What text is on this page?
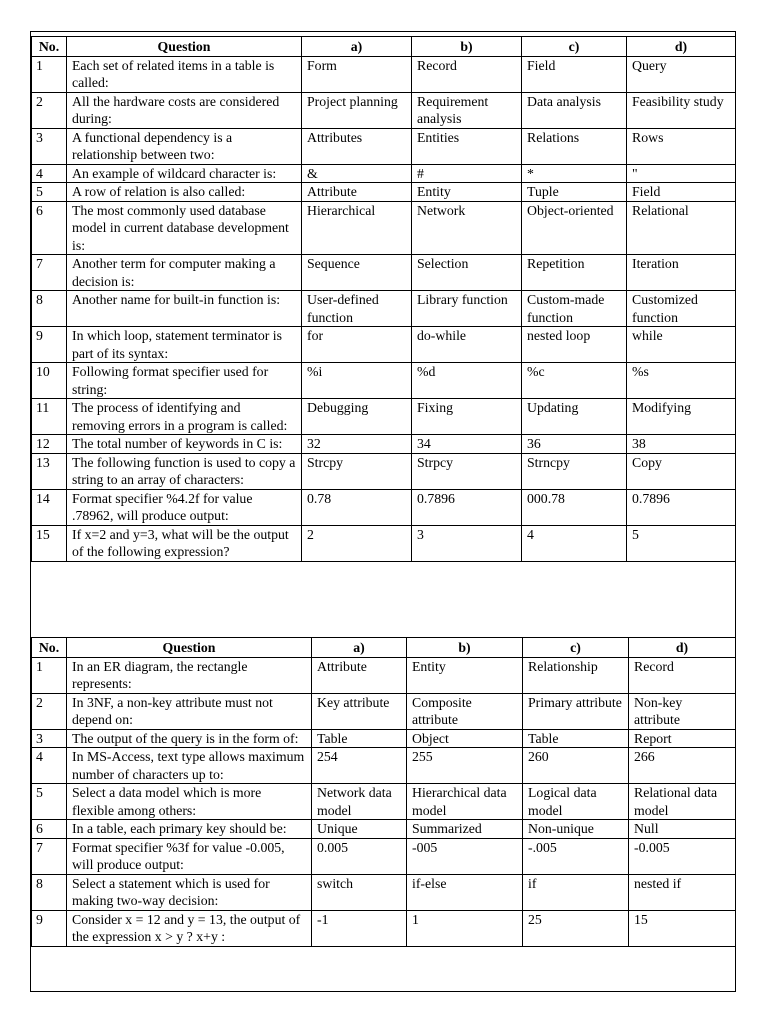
No.	Question	a)	b)	c)	d)
1	Each set of related items in a table is called:	Form	Record	Field	Query
2	All the hardware costs are considered during:	Project planning	Requirement analysis	Data analysis	Feasibility study
3	A functional dependency is a relationship between two:	Attributes	Entities	Relations	Rows
4	An example of wildcard character is:	&	#	*	"
5	A row of relation is also called:	Attribute	Entity	Tuple	Field
6	The most commonly used database model in current database development is:	Hierarchical	Network	Object-oriented	Relational
7	Another term for computer making a decision is:	Sequence	Selection	Repetition	Iteration
8	Another name for built-in function is:	User-defined function	Library function	Custom-made function	Customized function
9	In which loop, statement terminator is part of its syntax:	for	do-while	nested loop	while
10	Following format specifier used for string:	%i	%d	%c	%s
11	The process of identifying and removing errors in a program is called:	Debugging	Fixing	Updating	Modifying
12	The total number of keywords in C is:	32	34	36	38
13	The following function is used to copy a string to an array of characters:	Strcpy	Strpcy	Strncpy	Copy
14	Format specifier %4.2f for value .78962, will produce output:	0.78	0.7896	000.78	0.7896
15	If x=2 and y=3, what will be the output of the following expression?	2	3	4	5
No.	Question	a)	b)	c)	d)
1	In an ER diagram, the rectangle represents:	Attribute	Entity	Relationship	Record
2	In 3NF, a non-key attribute must not depend on:	Key attribute	Composite attribute	Primary attribute	Non-key attribute
3	The output of the query is in the form of:	Table	Object	Table	Report
4	In MS-Access, text type allows maximum number of characters up to:	254	255	260	266
5	Select a data model which is more flexible among others:	Network data model	Hierarchical data model	Logical data model	Relational data model
6	In a table, each primary key should be:	Unique	Summarized	Non-unique	Null
7	Format specifier %3f for value -0.005, will produce output:	0.005	-005	-.005	-0.005
8	Select a statement which is used for making two-way decision:	switch	if-else	if	nested if
9	Consider x = 12 and y = 13, the output of the expression x > y ? x+y :	-1	1	25	15
